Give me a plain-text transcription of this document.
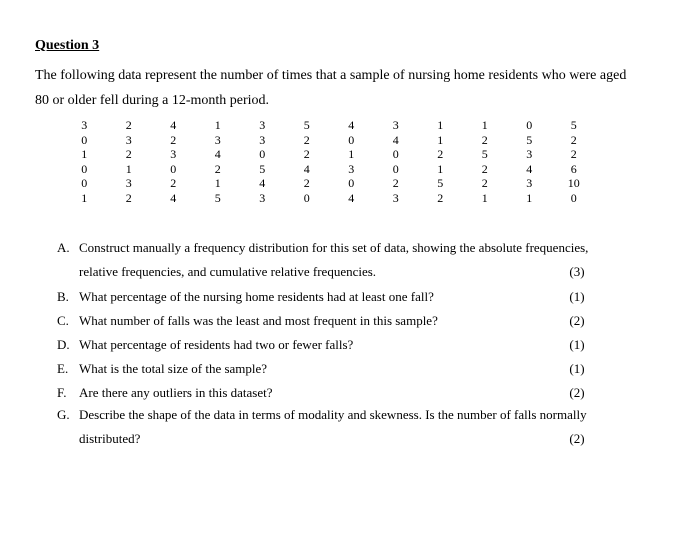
Question 3
The following data represent the number of times that a sample of nursing home residents who were aged
80 or older fell during a 12-month period.
3	2	4	1	3	5	4	3	1	1	0	5
0	3	2	3	3	2	0	4	1	2	5	2
1	2	3	4	0	2	1	0	2	5	3	2
0	1	0	2	5	4	3	0	1	2	4	6
0	3	2	1	4	2	0	2	5	2	3	10
1	2	4	5	3	0	4	3	2	1	1	0
A. Construct manually a frequency distribution for this set of data, showing the absolute frequencies,
relative frequencies, and cumulative relative frequencies.	(3)
B. What percentage of the nursing home residents had at least one fall?	(1)
C. What number of falls was the least and most frequent in this sample?	(2)
D. What percentage of residents had two or fewer falls?	(1)
E. What is the total size of the sample?	(1)
F. Are there any outliers in this dataset?	(2)
G. Describe the shape of the data in terms of modality and skewness. Is the number of falls normally
distributed?	(2)
